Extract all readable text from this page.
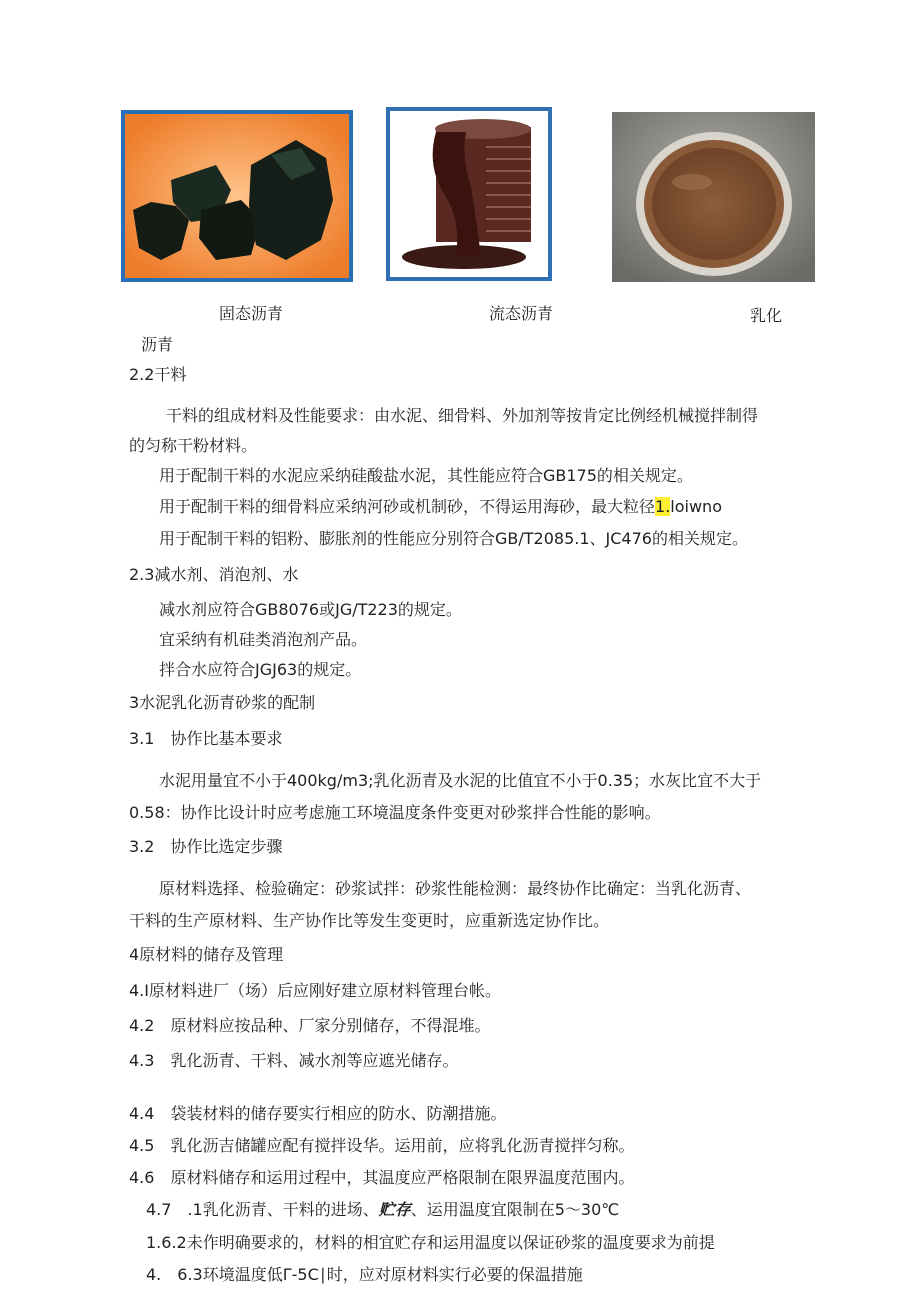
固态沥青	流态沥青	乳化
沥青
2.2干料
干料的组成材料及性能要求：由水泥、细骨料、外加剂等按肯定比例经机械搅拌制得
的匀称干粉材料。
用于配制干料的水泥应采纳硅酸盐水泥，其性能应符合GB175的相关规定。
用于配制干料的细骨料应采纳河砂或机制砂，不得运用海砂，最大粒径1.loiwno
用于配制干料的铝粉、膨胀剂的性能应分别符合GB/T2085.1、JC476的相关规定。
2.3减水剂、消泡剂、水
减水剂应符合GB8076或JG/T223的规定。
宜采纳有机硅类消泡剂产品。
拌合水应符合JGJ63的规定。
3水泥乳化沥青砂浆的配制
3.1　协作比基本要求
水泥用量宜不小于400kg∕m3;乳化沥青及水泥的比值宜不小于0.35；水灰比宜不大于
0.58：协作比设计时应考虑施工环境温度条件变更对砂浆拌合性能的影响。
3.2　协作比选定步骤
原材料选择、检验确定：砂浆试拌：砂浆性能检测：最终协作比确定：当乳化沥青、
干料的生产原材料、生产协作比等发生变更时，应重新选定协作比。
4原材料的储存及管理
4.I原材料进厂（场）后应刚好建立原材料管理台帐。
4.2　原材料应按品种、厂家分别储存，不得混堆。
4.3　乳化沥青、干料、减水剂等应遮光储存。
4.4　袋装材料的储存要实行相应的防水、防潮措施。
4.5　乳化沥吉储罐应配有搅拌设华。运用前，应将乳化沥青搅拌匀称。
4.6　原材料储存和运用过程中，其温度应严格限制在限界温度范围内。
4.7　.1乳化沥青、干料的进场、贮存、运用温度宜限制在5～30℃
1.6.2未作明确要求的，材料的相宜贮存和运用温度以保证砂浆的温度要求为前提
4.　6.3环境温度低Γ-5C∣时，应对原材料实行必要的保温措施
